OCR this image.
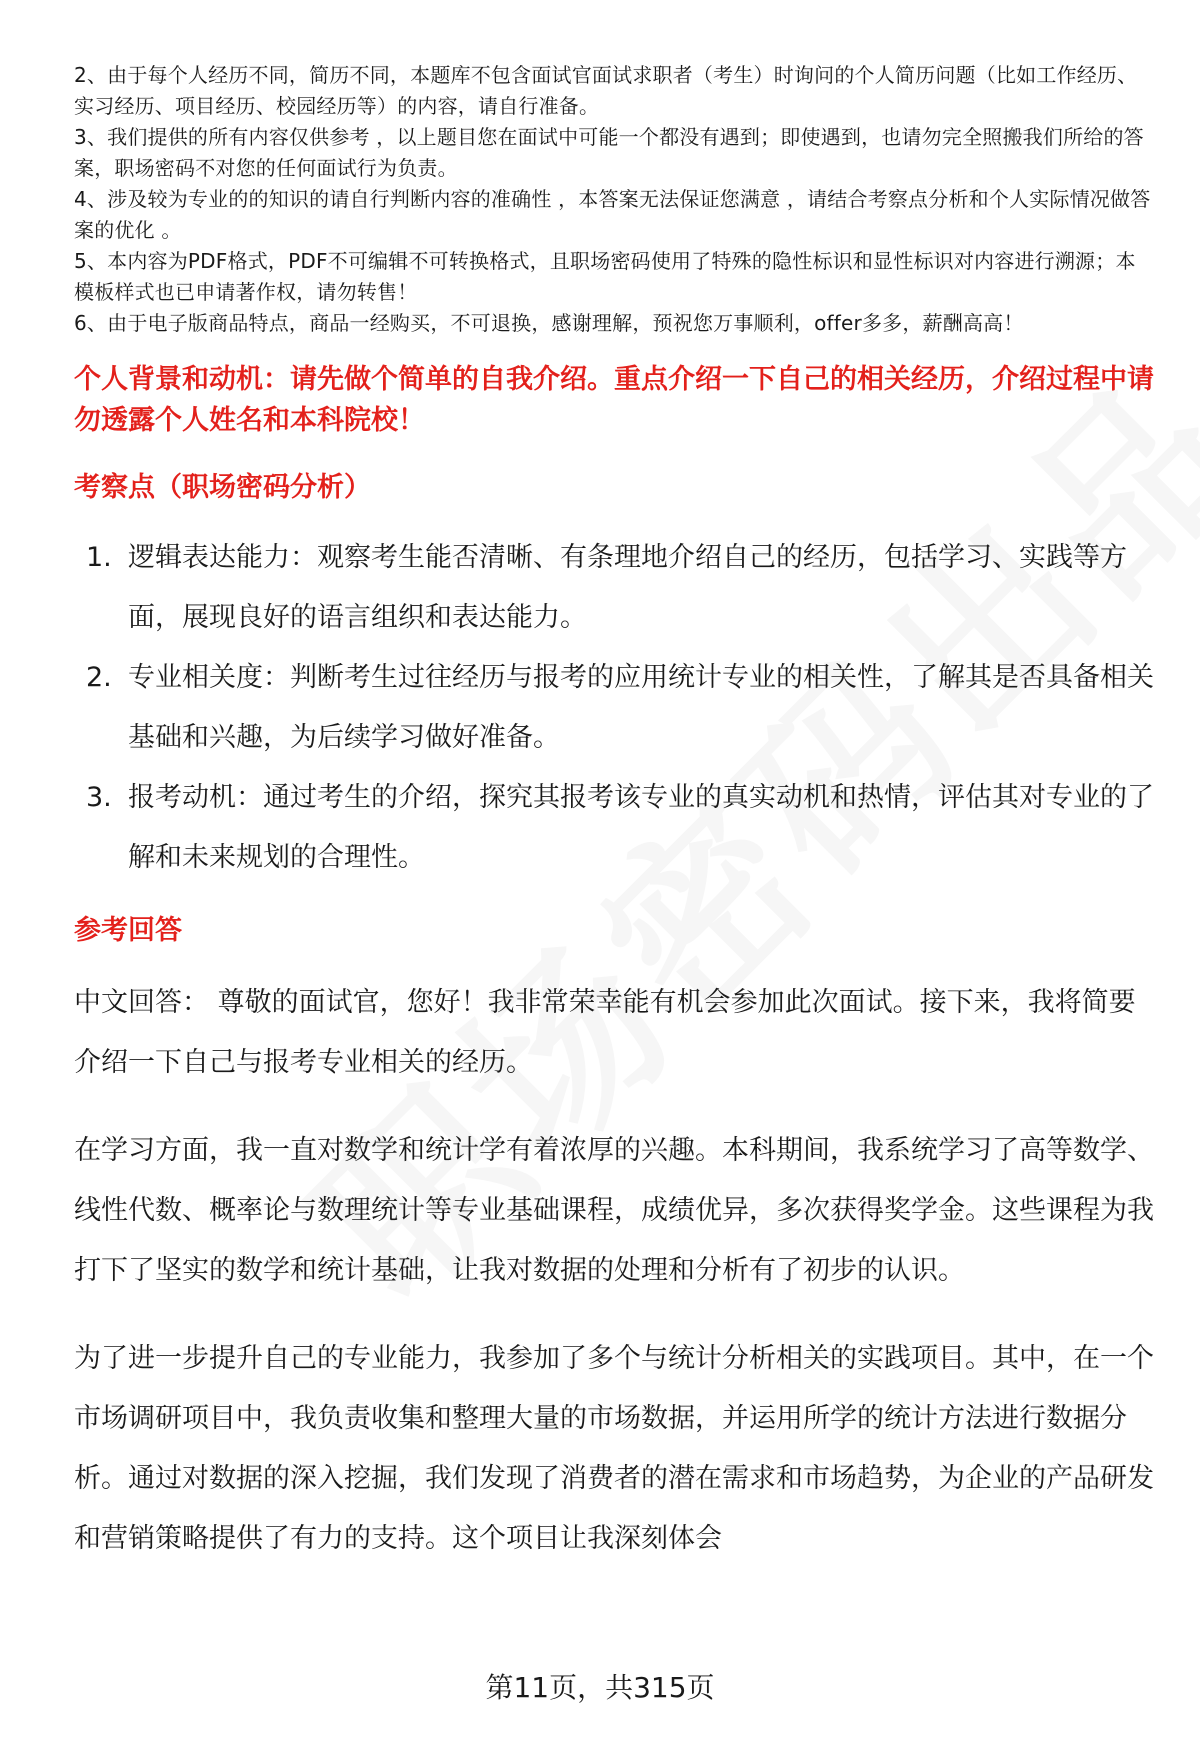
2、由于每个人经历不同，简历不同，本题库不包含面试官面试求职者（考生）时询问的个人简历问题（比如工作经历、实习经历、项目经历、校园经历等）的内容，请自行准备。

3、我们提供的所有内容仅供参考 ，以上题目您在面试中可能一个都没有遇到；即使遇到，也请勿完全照搬我们所给的答案，职场密码不对您的任何面试行为负责。

4、涉及较为专业的的知识的请自行判断内容的准确性 ，本答案无法保证您满意 ，请结合考察点分析和个人实际情况做答案的优化 。

5、本内容为PDF格式，PDF不可编辑不可转换格式，且职场密码使用了特殊的隐性标识和显性标识对内容进行溯源；本模板样式也已申请著作权，请勿转售！

6、由于电子版商品特点，商品一经购买，不可退换，感谢理解，预祝您万事顺利，offer多多，薪酬高高！

个人背景和动机：请先做个简单的自我介绍。重点介绍一下自己的相关经历，介绍过程中请勿透露个人姓名和本科院校！
考察点（职场密码分析）
1. 逻辑表达能力：观察考生能否清晰、有条理地介绍自己的经历，包括学习、实践等方面，展现良好的语言组织和表达能力。
2. 专业相关度：判断考生过往经历与报考的应用统计专业的相关性，了解其是否具备相关基础和兴趣，为后续学习做好准备。
3. 报考动机：通过考生的介绍，探究其报考该专业的真实动机和热情，评估其对专业的了解和未来规划的合理性。
参考回答

中文回答： 尊敬的面试官，您好！我非常荣幸能有机会参加此次面试。接下来，我将简要介绍一下自己与报考专业相关的经历。

在学习方面，我一直对数学和统计学有着浓厚的兴趣。本科期间，我系统学习了高等数学、线性代数、概率论与数理统计等专业基础课程，成绩优异，多次获得奖学金。这些课程为我打下了坚实的数学和统计基础，让我对数据的处理和分析有了初步的认识。

为了进一步提升自己的专业能力，我参加了多个与统计分析相关的实践项目。其中，在一个市场调研项目中，我负责收集和整理大量的市场数据，并运用所学的统计方法进行数据分析。通过对数据的深入挖掘，我们发现了消费者的潜在需求和市场趋势，为企业的产品研发和营销策略提供了有力的支持。这个项目让我深刻体会

第11页，共315页
